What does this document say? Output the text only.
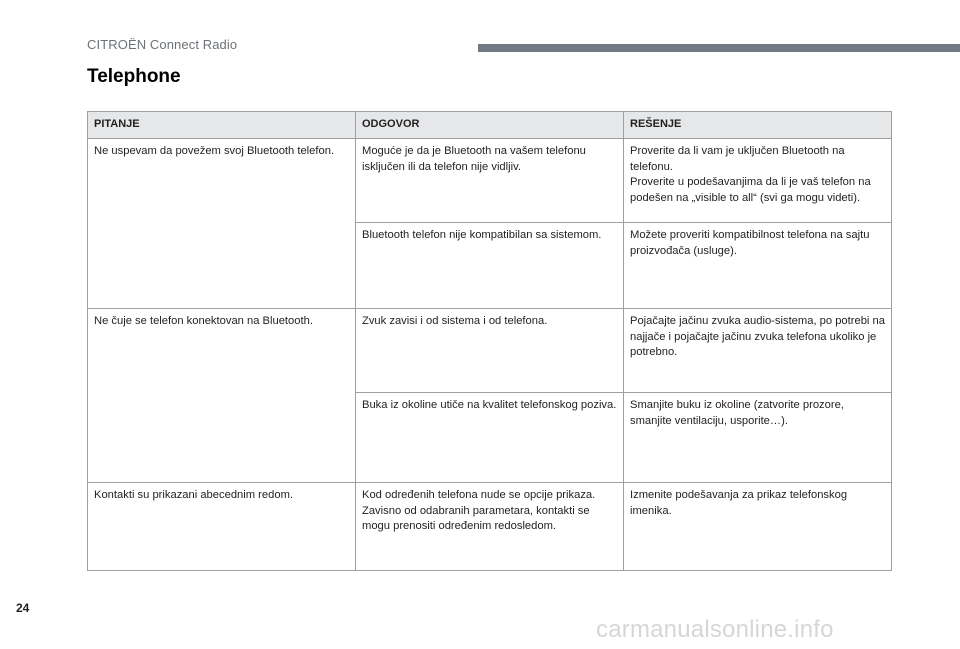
CITROËN Connect Radio
Telephone
PITANJE	ODGOVOR	REŠENJE
Ne uspevam da povežem svoj Bluetooth telefon.	Moguće je da je Bluetooth na vašem telefonu isključen ili da telefon nije vidljiv.	Proverite da li vam je uključen Bluetooth na telefonu.
Proverite u podešavanjima da li je vaš telefon na podešen na „visible to all“ (svi ga mogu videti).

	Bluetooth telefon nije kompatibilan sa sistemom.	Možete proveriti kompatibilnost telefona na sajtu proizvođača (usluge).

Ne čuje se telefon konektovan na Bluetooth.	Zvuk zavisi i od sistema i od telefona.	Pojačajte jačinu zvuka audio-sistema, po potrebi na najjače i pojačajte jačinu zvuka telefona ukoliko je potrebno.

	Buka iz okoline utiče na kvalitet telefonskog poziva.	Smanjite buku iz okoline (zatvorite prozore, smanjite ventilaciju, usporite…).

Kontakti su prikazani abecednim redom.	Kod određenih telefona nude se opcije prikaza. Zavisno od odabranih parametara, kontakti se mogu prenositi određenim redosledom.	Izmenite podešavanja za prikaz telefonskog imenika.
24
carmanualsonline.info
